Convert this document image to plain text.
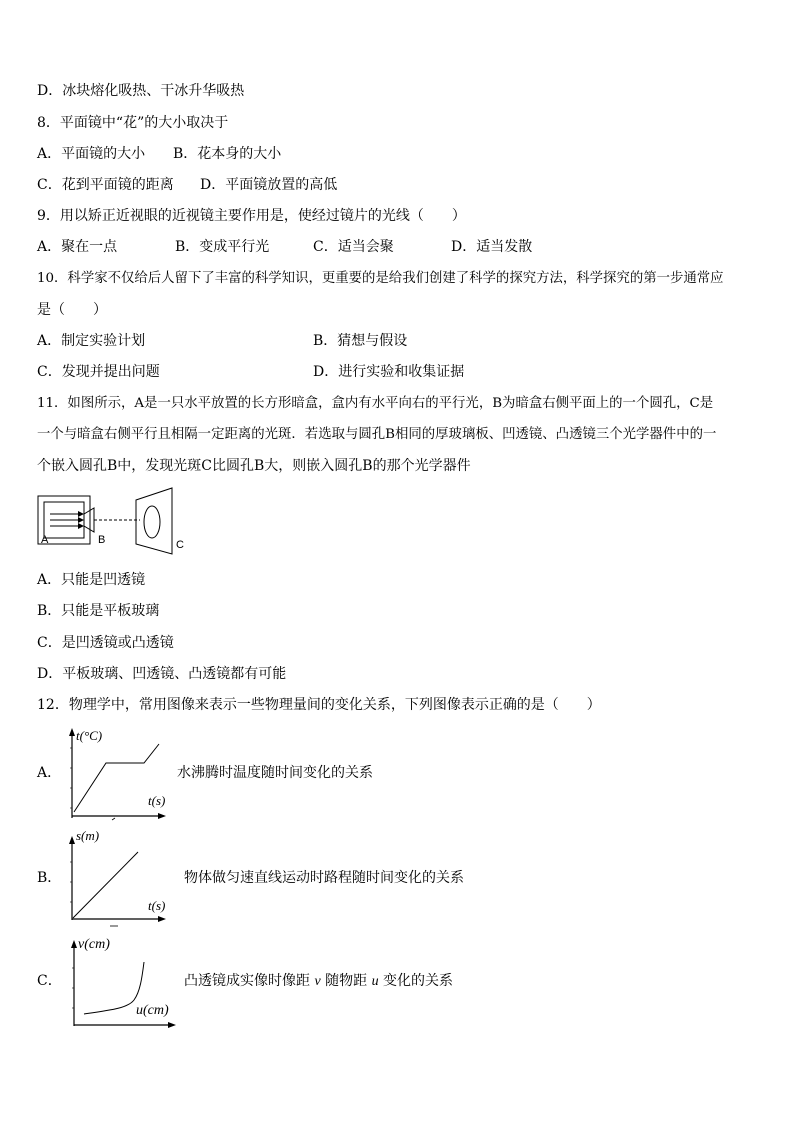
D．冰块熔化吸热、干冰升华吸热
8．平面镜中“花”的大小取决于
A．平面镜的大小 B．花本身的大小
C．花到平面镜的距离 D．平面镜放置的高低
9．用以矫正近视眼的近视镜主要作用是，使经过镜片的光线（　　）
A．聚在一点	B．变成平行光	C．适当会聚	D．适当发散
10．科学家不仅给后人留下了丰富的科学知识，更重要的是给我们创建了科学的探究方法，科学探究的第一步通常应
是（　　）
A．制定实验计划	B．猜想与假设
C．发现并提出问题	D．进行实验和收集证据
11．如图所示，A是一只水平放置的长方形暗盒，盒内有水平向右的平行光，B为暗盒右侧平面上的一个圆孔，C是
一个与暗盒右侧平行且相隔一定距离的光斑．若选取与圆孔B相同的厚玻璃板、凹透镜、凸透镜三个光学器件中的一
个嵌入圆孔B中，发现光斑C比圆孔B大，则嵌入圆孔B的那个光学器件
A	B	C
A．只能是凹透镜
B．只能是平板玻璃
C．是凹透镜或凸透镜
D．平板玻璃、凹透镜、凸透镜都有可能
12．物理学中，常用图像来表示一些物理量间的变化关系，下列图像表示正确的是（　　）
A．
t(°C)
t(s)
水沸腾时温度随时间变化的关系
B．
s(m)
t(s)
物体做匀速直线运动时路程随时间变化的关系
C．
v(cm)
u(cm)
凸透镜成实像时像距 v 随物距 u 变化的关系
